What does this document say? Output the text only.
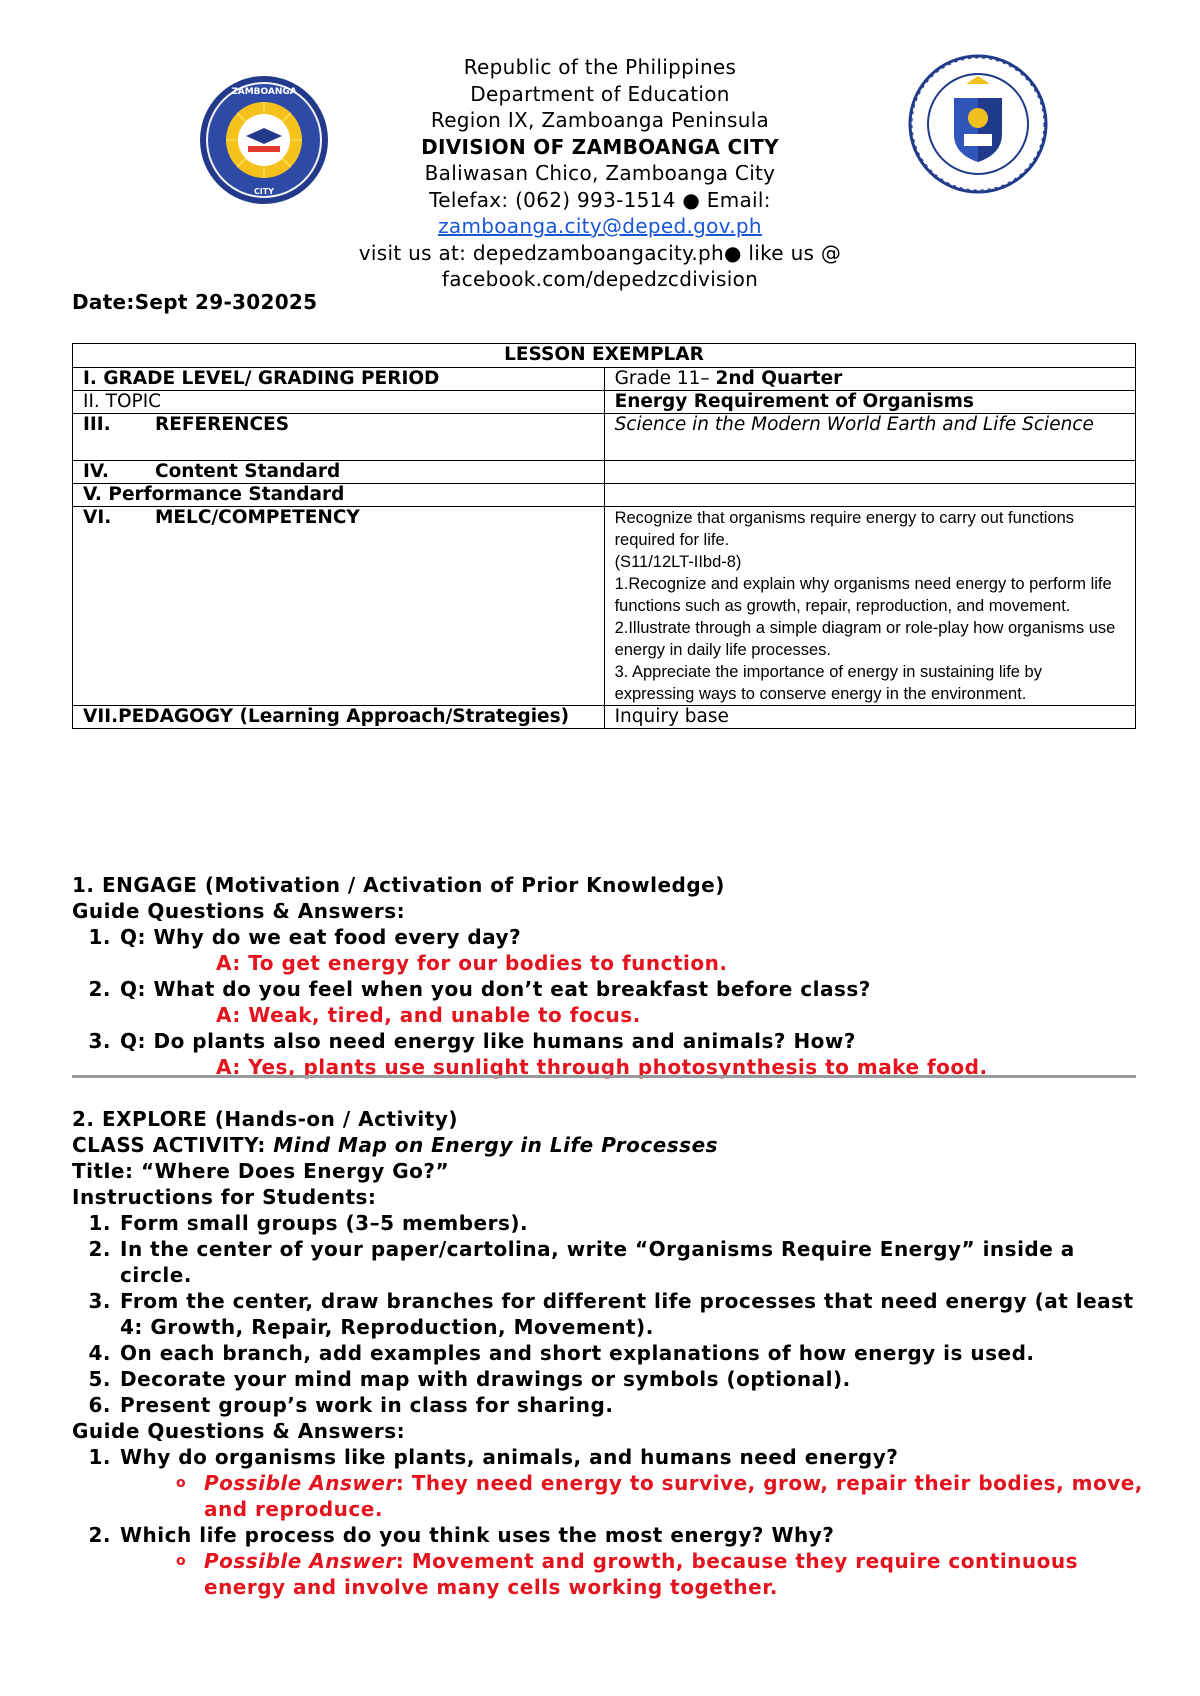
ZAMBOANGA
CITY
Republic of the Philippines
Department of Education
Region IX, Zamboanga Peninsula
DIVISION OF ZAMBOANGA CITY
Baliwasan Chico, Zamboanga City
Telefax: (062) 993-1514 ● Email: zamboanga.city@deped.gov.ph
visit us at: depedzamboangacity.ph● like us @ facebook.com/depedzcdivision
Date:Sept 29-302025
LESSON EXEMPLAR	
I. GRADE LEVEL/ GRADING PERIOD	Grade 11– 2nd Quarter
II. TOPIC	Energy Requirement of Organisms
III. REFERENCES	Science in the Modern World Earth and Life Science
IV. Content Standard	
V. Performance Standard	
VI. MELC/COMPETENCY	Recognize that organisms require energy to carry out functions required for life.
(S11/12LT-IIbd-8)
1.Recognize and explain why organisms need energy to perform life functions such as growth, repair, reproduction, and movement.
2.Illustrate through a simple diagram or role-play how organisms use energy in daily life processes.
3. Appreciate the importance of energy in sustaining life by expressing ways to conserve energy in the environment.

VII.PEDAGOGY (Learning Approach/Strategies)	Inquiry base

1. ENGAGE (Motivation / Activation of Prior Knowledge)

Guide Questions & Answers:

1. Q: Why do we eat food every day?

A: To get energy for our bodies to function.

2. Q: What do you feel when you don’t eat breakfast before class?

A: Weak, tired, and unable to focus.

3. Q: Do plants also need energy like humans and animals? How?

A: Yes, plants use sunlight through photosynthesis to make food.

2. EXPLORE (Hands-on / Activity)

CLASS ACTIVITY: Mind Map on Energy in Life Processes

Title: “Where Does Energy Go?”

Instructions for Students:

1. Form small groups (3–5 members).
2. In the center of your paper/cartolina, write “Organisms Require Energy” inside a circle.
3. From the center, draw branches for different life processes that need energy (at least 4: Growth, Repair, Reproduction, Movement).
4. On each branch, add examples and short explanations of how energy is used.
5. Decorate your mind map with drawings or symbols (optional).
6. Present group’s work in class for sharing.

Guide Questions & Answers:

1. Why do organisms like plants, animals, and humans need energy?
o Possible Answer: They need energy to survive, grow, repair their bodies, move, and reproduce.
2. Which life process do you think uses the most energy? Why?
o Possible Answer: Movement and growth, because they require continuous energy and involve many cells working together.
